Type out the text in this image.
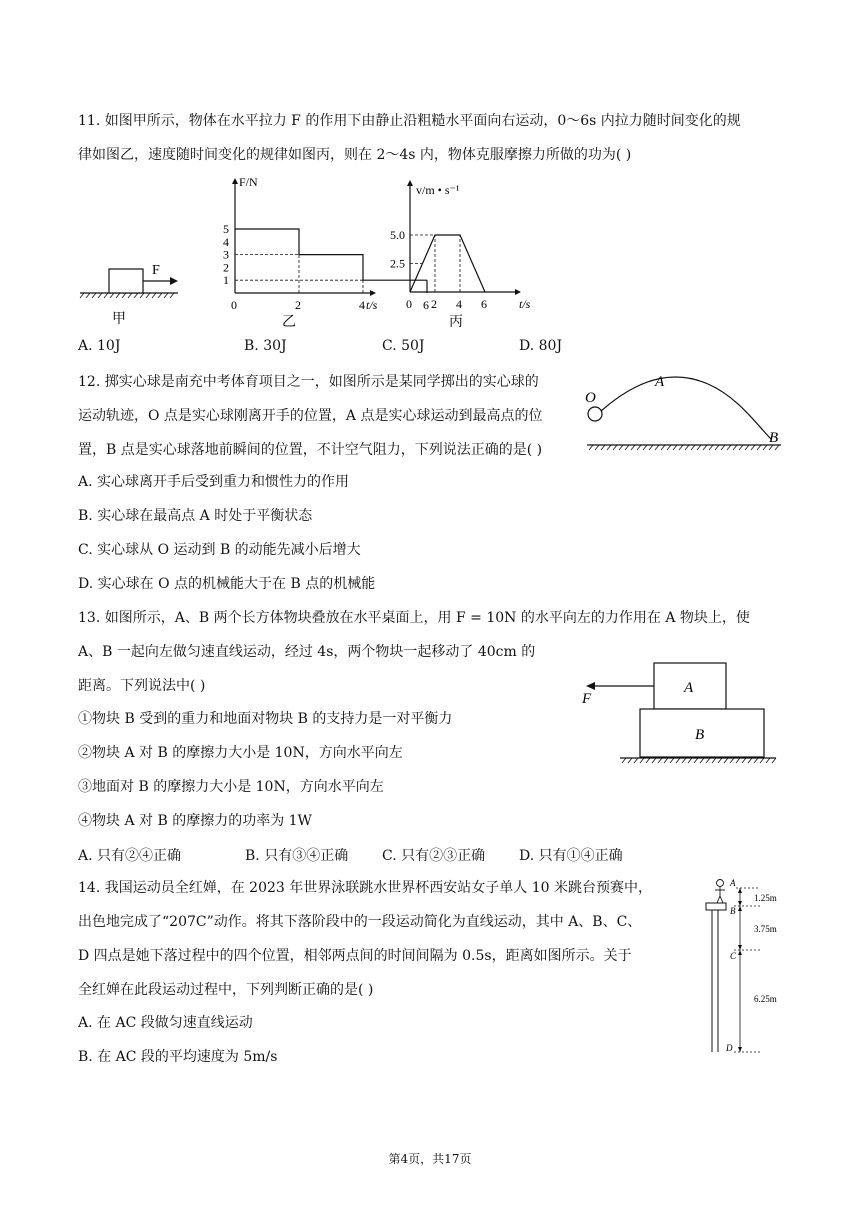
11. 如图甲所示，物体在水平拉力 F 的作用下由静止沿粗糙水平面向右运动，0～6s 内拉力随时间变化的规
律如图乙，速度随时间变化的规律如图丙，则在 2～4s 内，物体克服摩擦力所做的功为( )
F
甲
1
2
3
4
5
0	2	4	6
F/N
t/s
乙
2.5
5.0
0 2 4 6
v/m • s⁻¹
t/s
丙
A. 10J	B. 30J	C. 50J	D. 80J
12. 掷实心球是南充中考体育项目之一，如图所示是某同学掷出的实心球的
运动轨迹，O 点是实心球刚离开手的位置，A 点是实心球运动到最高点的位
置，B 点是实心球落地前瞬间的位置，不计空气阻力，下列说法正确的是( )
A. 实心球离开手后受到重力和惯性力的作用
B. 实心球在最高点 A 时处于平衡状态
C. 实心球从 O 运动到 B 的动能先减小后增大
D. 实心球在 O 点的机械能大于在 B 点的机械能
O
A
B
13. 如图所示，A、B 两个长方体物块叠放在水平桌面上，用 F = 10N 的水平向左的力作用在 A 物块上，使
A、B 一起向左做匀速直线运动，经过 4s，两个物块一起移动了 40cm 的
距离。下列说法中( )
①物块 B 受到的重力和地面对物块 B 的支持力是一对平衡力
②物块 A 对 B 的摩擦力大小是 10N，方向水平向左
③地面对 B 的摩擦力大小是 10N，方向水平向左
④物块 A 对 B 的摩擦力的功率为 1W
A. 只有②④正确	B. 只有③④正确 C. 只有②③正确 D. 只有①④正确
A
B
F
14. 我国运动员全红婵，在 2023 年世界泳联跳水世界杯西安站女子单人 10 米跳台预赛中，
出色地完成了“207C”动作。将其下落阶段中的一段运动简化为直线运动，其中 A、B、C、
D 四点是她下落过程中的四个位置，相邻两点间的时间间隔为 0.5s，距离如图所示。关于
全红婵在此段运动过程中，下列判断正确的是( )
A. 在 AC 段做匀速直线运动
B. 在 AC 段的平均速度为 5m/s
A
B
C
D
1.25m
3.75m
6.25m
第4页，共17页
